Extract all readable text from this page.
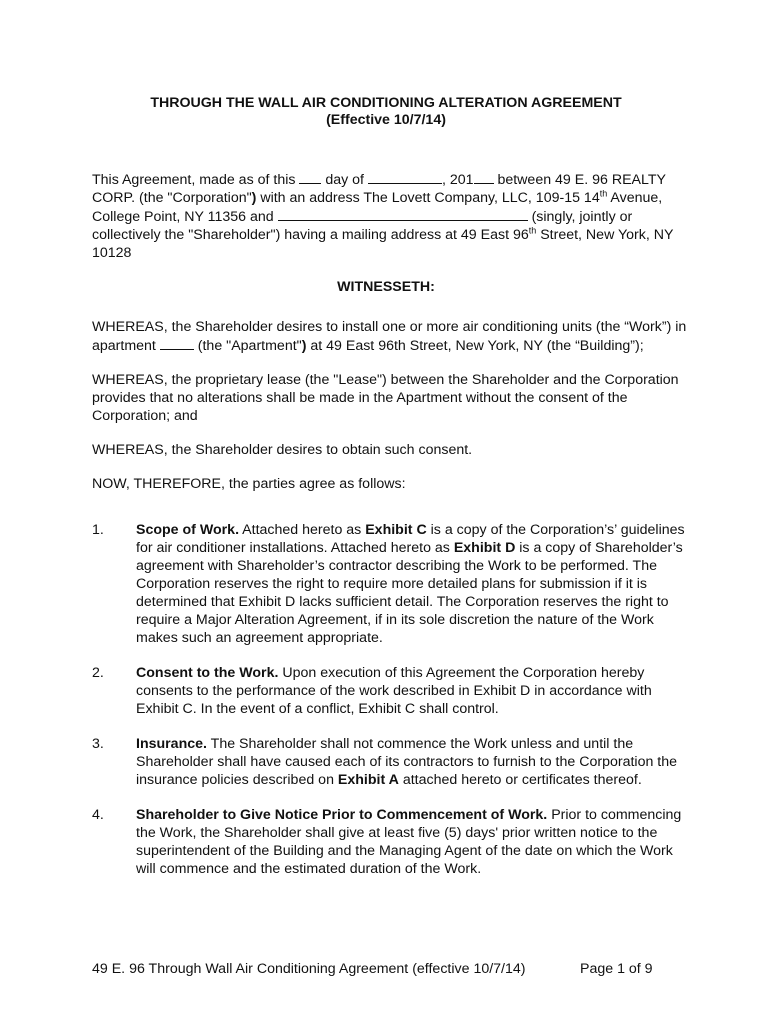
THROUGH THE WALL AIR CONDITIONING ALTERATION AGREEMENT
(Effective 10/7/14)

This Agreement, made as of this  day of	, 201 between 49 E. 96 REALTY CORP. (the "Corporation") with an address The Lovett Company, LLC, 109-15 14th Avenue, College Point, NY 11356 and	(singly, jointly or collectively the "Shareholder") having a mailing address at 49 East 96th Street, New York, NY 10128

WITNESSETH:

WHEREAS, the Shareholder desires to install one or more air conditioning units (the “Work”) in apartment  (the "Apartment") at 49 East 96th Street, New York, NY (the “Building”);

WHEREAS, the proprietary lease (the "Lease") between the Shareholder and the Corporation provides that no alterations shall be made in the Apartment without the consent of the Corporation; and

WHEREAS, the Shareholder desires to obtain such consent.

NOW, THEREFORE, the parties agree as follows:

1.	Scope of Work. Attached hereto as Exhibit C is a copy of the Corporation’s’ guidelines for air conditioner installations. Attached hereto as Exhibit D is a copy of Shareholder’s agreement with Shareholder’s contractor describing the Work to be performed. The Corporation reserves the right to require more detailed plans for submission if it is determined that Exhibit D lacks sufficient detail. The Corporation reserves the right to require a Major Alteration Agreement, if in its sole discretion the nature of the Work makes such an agreement appropriate.
2.	Consent to the Work. Upon execution of this Agreement the Corporation hereby consents to the performance of the work described in Exhibit D in accordance with Exhibit C. In the event of a conflict, Exhibit C shall control.
3.	Insurance. The Shareholder shall not commence the Work unless and until the Shareholder shall have caused each of its contractors to furnish to the Corporation the insurance policies described on Exhibit A attached hereto or certificates thereof.
4.	Shareholder to Give Notice Prior to Commencement of Work. Prior to commencing the Work, the Shareholder shall give at least five (5) days' prior written notice to the superintendent of the Building and the Managing Agent of the date on which the Work will commence and the estimated duration of the Work.
49 E. 96 Through Wall Air Conditioning Agreement (effective 10/7/14)	Page 1 of 9
